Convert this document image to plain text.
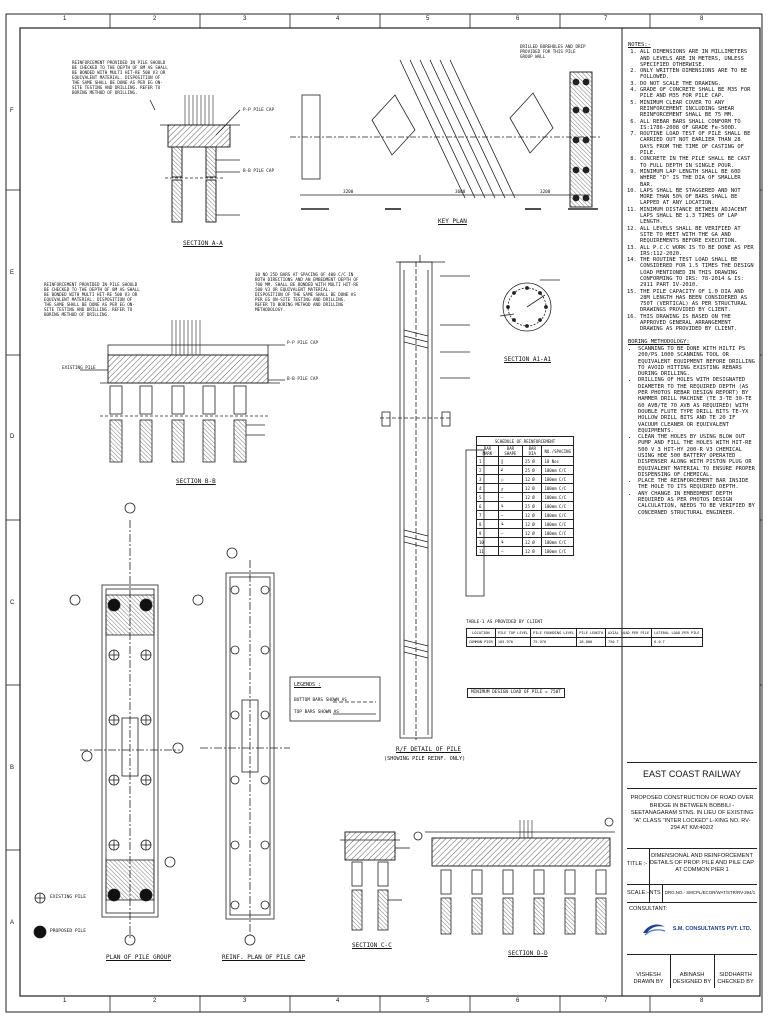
1	2	3	4	5	6	7	8
1	2	3	4	5	6	7	8
F
E
D
C
B
A
REINFORCEMENT PROVIDED IN PILE SHOULD BE CHECKED TO THE DEPTH OF 8M AS SHALL BE BONDED WITH MULTI HIT-RE 500 V3 OR EQUIVALENT MATERIAL. DISPOSITION OF THE SAME SHALL BE DONE AS PER EG ON-SITE TESTING AND DRILLING. REFER TO BORING METHOD OF DRILLING.
REINFORCEMENT PROVIDED IN PILE SHOULD BE CHECKED TO THE DEPTH OF 8M AS SHALL BE BONDED WITH MULTI HIT-RE 500 V3 OR EQUIVALENT MATERIAL. DISPOSITION OF THE SAME SHALL BE DONE AS PER EG ON-SITE TESTING AND DRILLING. REFER TO BORING METHOD OF DRILLING.
10 NO 25D BARS AT SPACING OF 400 C/C IN BOTH DIRECTIONS AND AN EMBEDMENT DEPTH OF 700 MM. SHALL BE BONDED WITH MULTI HIT-RE 500 V3 OR EQUIVALENT MATERIAL. DISPOSITION OF THE SAME SHALL BE DONE AS PER EG ON-SITE TESTING AND DRILLING. REFER TO BORING METHOD AND DRILLING METHODOLOGY.
DRILLED BOREHOLES AND DRIP PROVIDED FOR THIS PILE GROUP WALL
P-P PILE CAP
B-B PILE CAP
P-P PILE CAP
B-B PILE CAP
EXISTING PILE
3200	3600	3200
SECTION A-A
KEY PLAN
SECTION B-B
SECTION A1-A1
R/F DETAIL OF PILE
(SHOWING PILE REINF. ONLY)
PLAN OF PILE GROUP	REINF. PLAN OF PILE CAP
SECTION C-C
SECTION D-D
LEGENDS :
BOTTOM BARS SHOWN AS
TOP BARS SHOWN AS
EXISTING PILE
PROPOSED PILE
SCHEDULE OF REINFORCEMENT			
BAR MARK	BAR SHAPE	BAR DIA	NO./SPACING
1	┃	25 Ø	18 Nos
2	┛	25 Ø	100mm C/C
3	○	12 Ø	100mm C/C
4	╓	12 Ø	100mm C/C
5	─	12 Ø	100mm C/C
6	╚	25 Ø	100mm C/C
7	─	12 Ø	100mm C/C
8	┗	12 Ø	100mm C/C
9	─	12 Ø	100mm C/C
10	┗	12 Ø	100mm C/C
11	─	12 Ø	100mm C/C
TABLE-1 AS PROVIDED BY CLIENT
LOCATION	PILE TOP LEVEL	PILE FOUNDING LEVEL	PILE LENGTH	AXIAL LOAD PER PILE	LATERAL LOAD PER PILE
COMMON PIER	103.970	75.970	28.000	750 T	6.0 T
MINIMUM DESIGN LOAD OF PILE = 750T
NOTES:-
1. ALL DIMENSIONS ARE IN MILLIMETERS AND LEVELS ARE IN METERS, UNLESS SPECIFIED OTHERWISE.
2. ONLY WRITTEN DIMENSIONS ARE TO BE FOLLOWED.
3. DO NOT SCALE THE DRAWING.
4. GRADE OF CONCRETE SHALL BE M35 FOR PILE AND M35 FOR PILE CAP.
5. MINIMUM CLEAR COVER TO ANY REINFORCEMENT INCLUDING SHEAR REINFORCEMENT SHALL BE 75 MM.
6. ALL REBAR BARS SHALL CONFORM TO IS:1786-2008 OF GRADE Fe-500D.
7. ROUTINE LOAD TEST OF PILE SHALL BE CARRIED OUT NOT EARLIER THAN 28 DAYS FROM THE TIME OF CASTING OF PILE.
8. CONCRETE IN THE PILE SHALL BE CAST TO FULL DEPTH IN SINGLE POUR.
9. MINIMUM LAP LENGTH SHALL BE 60D WHERE "D" IS THE DIA OF SMALLER BAR.
10. LAPS SHALL BE STAGGERED AND NOT MORE THAN 50% OF BARS SHALL BE LAPPED AT ANY LOCATION.
11. MINIMUM DISTANCE BETWEEN ADJACENT LAPS SHALL BE 1.3 TIMES OF LAP LENGTH.
12. ALL LEVELS SHALL BE VERIFIED AT SITE TO MEET WITH THE GA AND REQUIREMENTS BEFORE EXECUTION.
13. ALL P.C.C WORK IS TO BE DONE AS PER IRS:112-2020.
14. THE ROUTINE TEST LOAD SHALL BE CONSIDERED FOR 1.5 TIMES THE DESIGN LOAD MENTIONED IN THIS DRAWING CONFORMING TO IRS: 78-2014 & IS: 2911 PART IV-2010.
15. THE PILE CAPACITY OF 1.0 DIA AND 28M LENGTH HAS BEEN CONSIDERED AS 750T (VERTICAL) AS PER STRUCTURAL DRAWINGS PROVIDED BY CLIENT.
16. THIS DRAWING IS BASED ON THE APPROVED GENERAL ARRANGEMENT DRAWING AS PROVIDED BY CLIENT.
BORING METHODOLOGY:
• SCANNING TO BE DONE WITH HILTI PS 200/PS 1000 SCANNING TOOL OR EQUIVALENT EQUIPMENT BEFORE DRILLING TO AVOID HITTING EXISTING REBARS DURING DRILLING.
• DRILLING OF HOLES WITH DESIGNATED DIAMETER TO THE REQUIRED DEPTH (AS PER PHOTOS REBAR DESIGN REPORT) BY HAMMER DRILL MACHINE (TE 3-TE 30-TE 60 AVB/TE 70 AVB AS REQUIRED) WITH DOUBLE FLUTE TYPE DRILL BITS TE-YX HOLLOW DRILL BITS AND TE 20 IF VACUUM CLEANER OR EQUIVALENT EQUIPMENTS.
• CLEAN THE HOLES BY USING BLOW OUT PUMP AND FILL THE HOLES WITH HIT-RE 500 V 3 HIT-HY 200-R V3 CHEMICAL USING HDE 500 BATTERY OPERATED DISPENSER ALONG WITH PISTON PLUG OR EQUIVALENT MATERIAL TO ENSURE PROPER DISPENSING OF CHEMICAL.
• PLACE THE REINFORCEMENT BAR INSIDE THE HOLE TO ITS REQUIRED DEPTH.
• ANY CHANGE IN EMBEDMENT DEPTH REQUIRED AS PER PHOTOS DESIGN CALCULATION, NEEDS TO BE VERIFIED BY CONCERNED STRUCTURAL ENGINEER.
EAST COAST RAILWAY
PROPOSED CONSTRUCTION OF ROAD OVER BRIDGE IN BETWEEN BOBBILI - SEETANAGARAM STNS. IN LIEU OF EXISTING "A" CLASS "INTER LOCKED" L-XING NO. RV-294 AT KM:402/2
TITLE :-
DIMENSIONAL AND REINFORCEMENT DETAILS OF PROP. PILE AND PILE CAP AT COMMON PIER 1
SCALE:- NTS DRG.NO.- SMCPL/ECOR/WAT/STR/RV-294/1
CONSULTANT:
S.M. CONSULTANTS PVT. LTD.
VISHESH
DRAWN BY
ABINASH
DESIGNED BY
SIDDHARTH
CHECKED BY
